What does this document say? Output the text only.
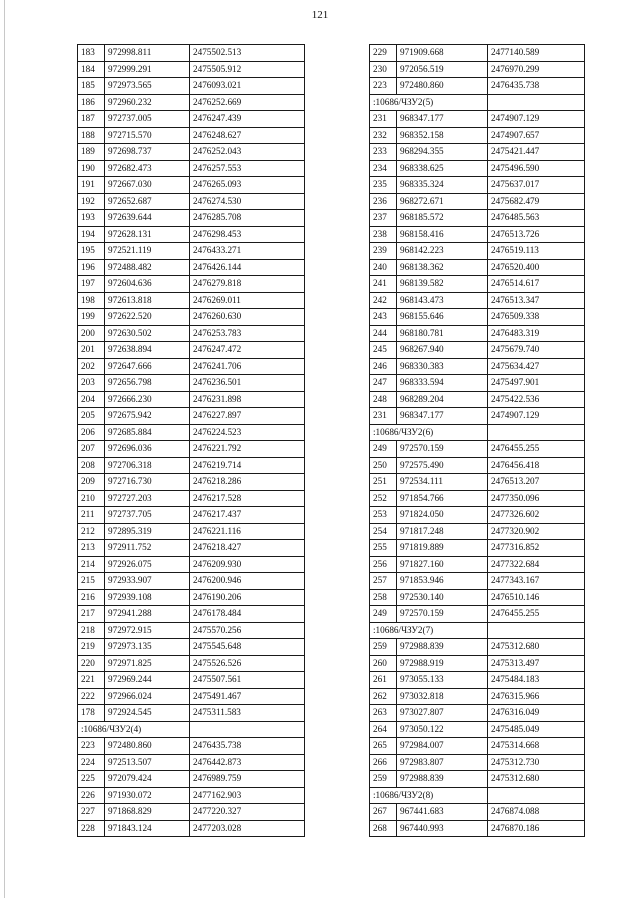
121
183	972998.811	2475502.513
184	972999.291	2475505.912
185	972973.565	2476093.021
186	972960.232	2476252.669
187	972737.005	2476247.439
188	972715.570	2476248.627
189	972698.737	2476252.043
190	972682.473	2476257.553
191	972667.030	2476265.093
192	972652.687	2476274.530
193	972639.644	2476285.708
194	972628.131	2476298.453
195	972521.119	2476433.271
196	972488.482	2476426.144
197	972604.636	2476279.818
198	972613.818	2476269.011
199	972622.520	2476260.630
200	972630.502	2476253.783
201	972638.894	2476247.472
202	972647.666	2476241.706
203	972656.798	2476236.501
204	972666.230	2476231.898
205	972675.942	2476227.897
206	972685.884	2476224.523
207	972696.036	2476221.792
208	972706.318	2476219.714
209	972716.730	2476218.286
210	972727.203	2476217.528
211	972737.705	2476217.437
212	972895.319	2476221.116
213	972911.752	2476218.427
214	972926.075	2476209.930
215	972933.907	2476200.946
216	972939.108	2476190.206
217	972941.288	2476178.484
218	972972.915	2475570.256
219	972973.135	2475545.648
220	972971.825	2475526.526
221	972969.244	2475507.561
222	972966.024	2475491.467
178	972924.545	2475311.583
:10686/ЧЗУ2(4)		
223	972480.860	2476435.738
224	972513.507	2476442.873
225	972079.424	2476989.759
226	971930.072	2477162.903
227	971868.829	2477220.327
228	971843.124	2477203.028
229	971909.668	2477140.589
230	972056.519	2476970.299
223	972480.860	2476435.738
:10686/ЧЗУ2(5)		
231	968347.177	2474907.129
232	968352.158	2474907.657
233	968294.355	2475421.447
234	968338.625	2475496.590
235	968335.324	2475637.017
236	968272.671	2475682.479
237	968185.572	2476485.563
238	968158.416	2476513.726
239	968142.223	2476519.113
240	968138.362	2476520.400
241	968139.582	2476514.617
242	968143.473	2476513.347
243	968155.646	2476509.338
244	968180.781	2476483.319
245	968267.940	2475679.740
246	968330.383	2475634.427
247	968333.594	2475497.901
248	968289.204	2475422.536
231	968347.177	2474907.129
:10686/ЧЗУ2(6)		
249	972570.159	2476455.255
250	972575.490	2476456.418
251	972534.111	2476513.207
252	971854.766	2477350.096
253	971824.050	2477326.602
254	971817.248	2477320.902
255	971819.889	2477316.852
256	971827.160	2477322.684
257	971853.946	2477343.167
258	972530.140	2476510.146
249	972570.159	2476455.255
:10686/ЧЗУ2(7)		
259	972988.839	2475312.680
260	972988.919	2475313.497
261	973055.133	2475484.183
262	973032.818	2476315.966
263	973027.807	2476316.049
264	973050.122	2475485.049
265	972984.007	2475314.668
266	972983.807	2475312.730
259	972988.839	2475312.680
:10686/ЧЗУ2(8)		
267	967441.683	2476874.088
268	967440.993	2476870.186
